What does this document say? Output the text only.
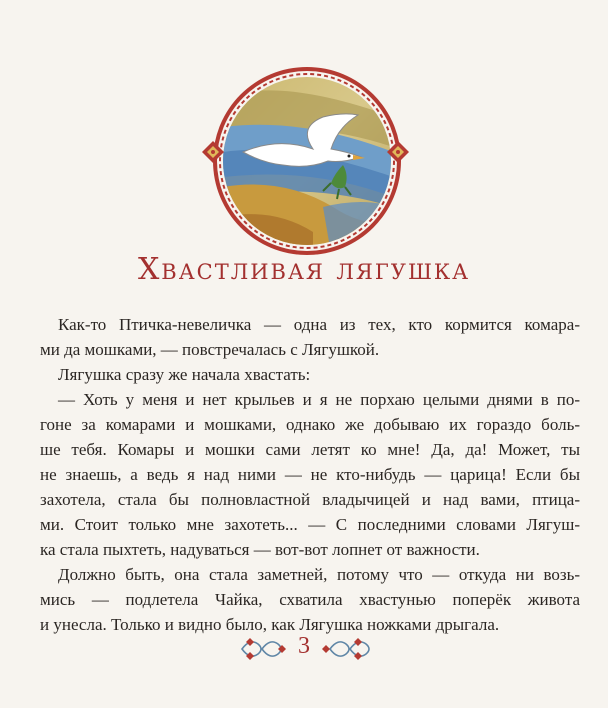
Хвастливая лягушка
Как-то Птичка-невеличка — одна из тех, кто кормится комара-
ми да мошками, — повстречалась с Лягушкой.
Лягушка сразу же начала хвастать:
— Хоть у меня и нет крыльев и я не порхаю целыми днями в по-
гоне за комарами и мошками, однако же добываю их гораздо боль-
ше тебя. Комары и мошки сами летят ко мне! Да, да! Может, ты
не знаешь, а ведь я над ними — не кто-нибудь — царица! Если бы
захотела, стала бы полновластной владычицей и над вами, птица-
ми. Стоит только мне захотеть... — С последними словами Лягуш-
ка стала пыхтеть, надуваться — вот-вот лопнет от важности.
Должно быть, она стала заметней, потому что — откуда ни возь-
мись — подлетела Чайка, схватила хвастунью поперёк живота
и унесла. Только и видно было, как Лягушка ножками дрыгала.
3
